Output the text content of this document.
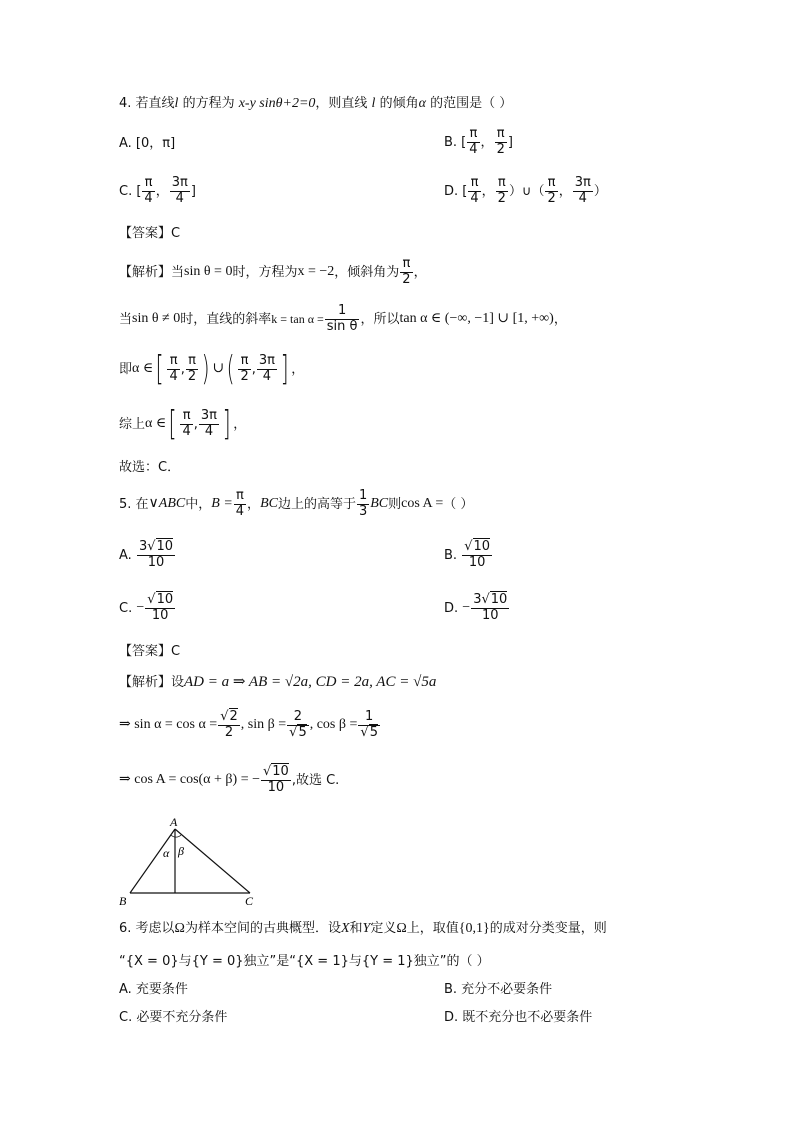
4. 若直线l 的方程为 x-y sinθ+2=0，则直线 l 的倾角α 的范围是（ ）
A. [0，π]	B. [ $\frac{\pi}{4}$ ， $\frac{\pi}{2}$ ]
C. [ $\frac{\pi}{4}$ ， $\frac{3\pi}{4}$ ]	D. [ $\frac{\pi}{4}$ ， $\frac{\pi}{2}$ ）∪（ $\frac{\pi}{2}$ ， $\frac{3\pi}{4}$ ）
【答案】C
【解析】当 sin θ = 0 时，方程为 x = −2 ，倾斜角为 $\frac{\pi}{2}$ ，
当 sin θ ≠ 0 时，直线的斜率 $k = \tan \alpha = \frac{1}{\text{sin θ}}$ ，所以 tan α ∈ (−∞, −1] ∪ [1, +∞) ，
即 α ∈ [ $\frac{\pi}{4}$ , $\frac{\pi}{2}$ ) ∪ ( $\frac{\pi}{2}$ , $\frac{3\pi}{4}$ ] ，
综上 α ∈ [ $\frac{\pi}{4}$ , $\frac{3\pi}{4}$ ] ，
故选：C．
5. 在 ∨ABC 中， $B = \frac{\pi}{4}$ ， BC 边上的高等于 $\frac{1}{3}$ BC 则 cos A = （ ）
A.
$\frac{3√10}{10}$	B.
$\frac{√10}{10}$
C.
− $\frac{√10}{10}$	D.
− $\frac{3√10}{10}$
【答案】C
【解析】设 AD = a ⇒ AB = √2a, CD = 2a, AC = √5a
⇒ $\sin \alpha = \cos \alpha = \frac{√2}{2}$ , $\sin \beta = \frac{2}{√5}$ , $\cos \beta = \frac{1}{√5}$
⇒ cos A = cos(α + β) = − $\frac{√10}{10}$ ,故选 C.
A
B	C
α β
6. 考虑以Ω为样本空间的古典概型．设X和Y定义Ω上，取值{0,1}的成对分类变量，则
“{X = 0}与{Y = 0}独立”是“{X = 1}与{Y = 1}独立”的（ ）
A. 充要条件	B. 充分不必要条件
C. 必要不充分条件	D. 既不充分也不必要条件
